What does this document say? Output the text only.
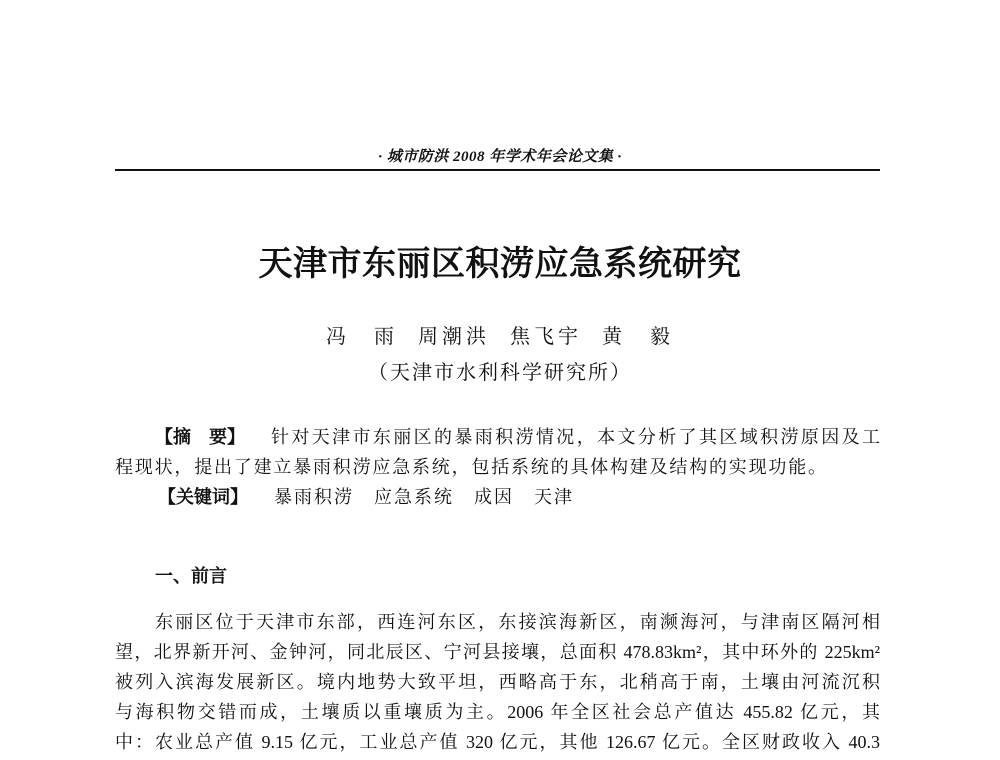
· 城市防洪 2008 年学术年会论文集 ·
天津市东丽区积涝应急系统研究
冯　雨 周潮洪 焦飞宇 黄　毅
（天津市水利科学研究所）
【摘　要】 针对天津市东丽区的暴雨积涝情况，本文分析了其区域积涝原因及工
程现状，提出了建立暴雨积涝应急系统，包括系统的具体构建及结构的实现功能。
【关键词】 暴雨积涝 应急系统 成因 天津
一、前言
东丽区位于天津市东部，西连河东区，东接滨海新区，南濒海河，与津南区隔河相
望，北界新开河、金钟河，同北辰区、宁河县接壤，总面积 478.83km²，其中环外的 225km²
被列入滨海发展新区。境内地势大致平坦，西略高于东，北稍高于南，土壤由河流沉积
与海积物交错而成，土壤质以重壤质为主。2006 年全区社会总产值达 455.82 亿元，其
中：农业总产值 9.15 亿元，工业总产值 320 亿元，其他 126.67 亿元。全区财政收入 40.3
